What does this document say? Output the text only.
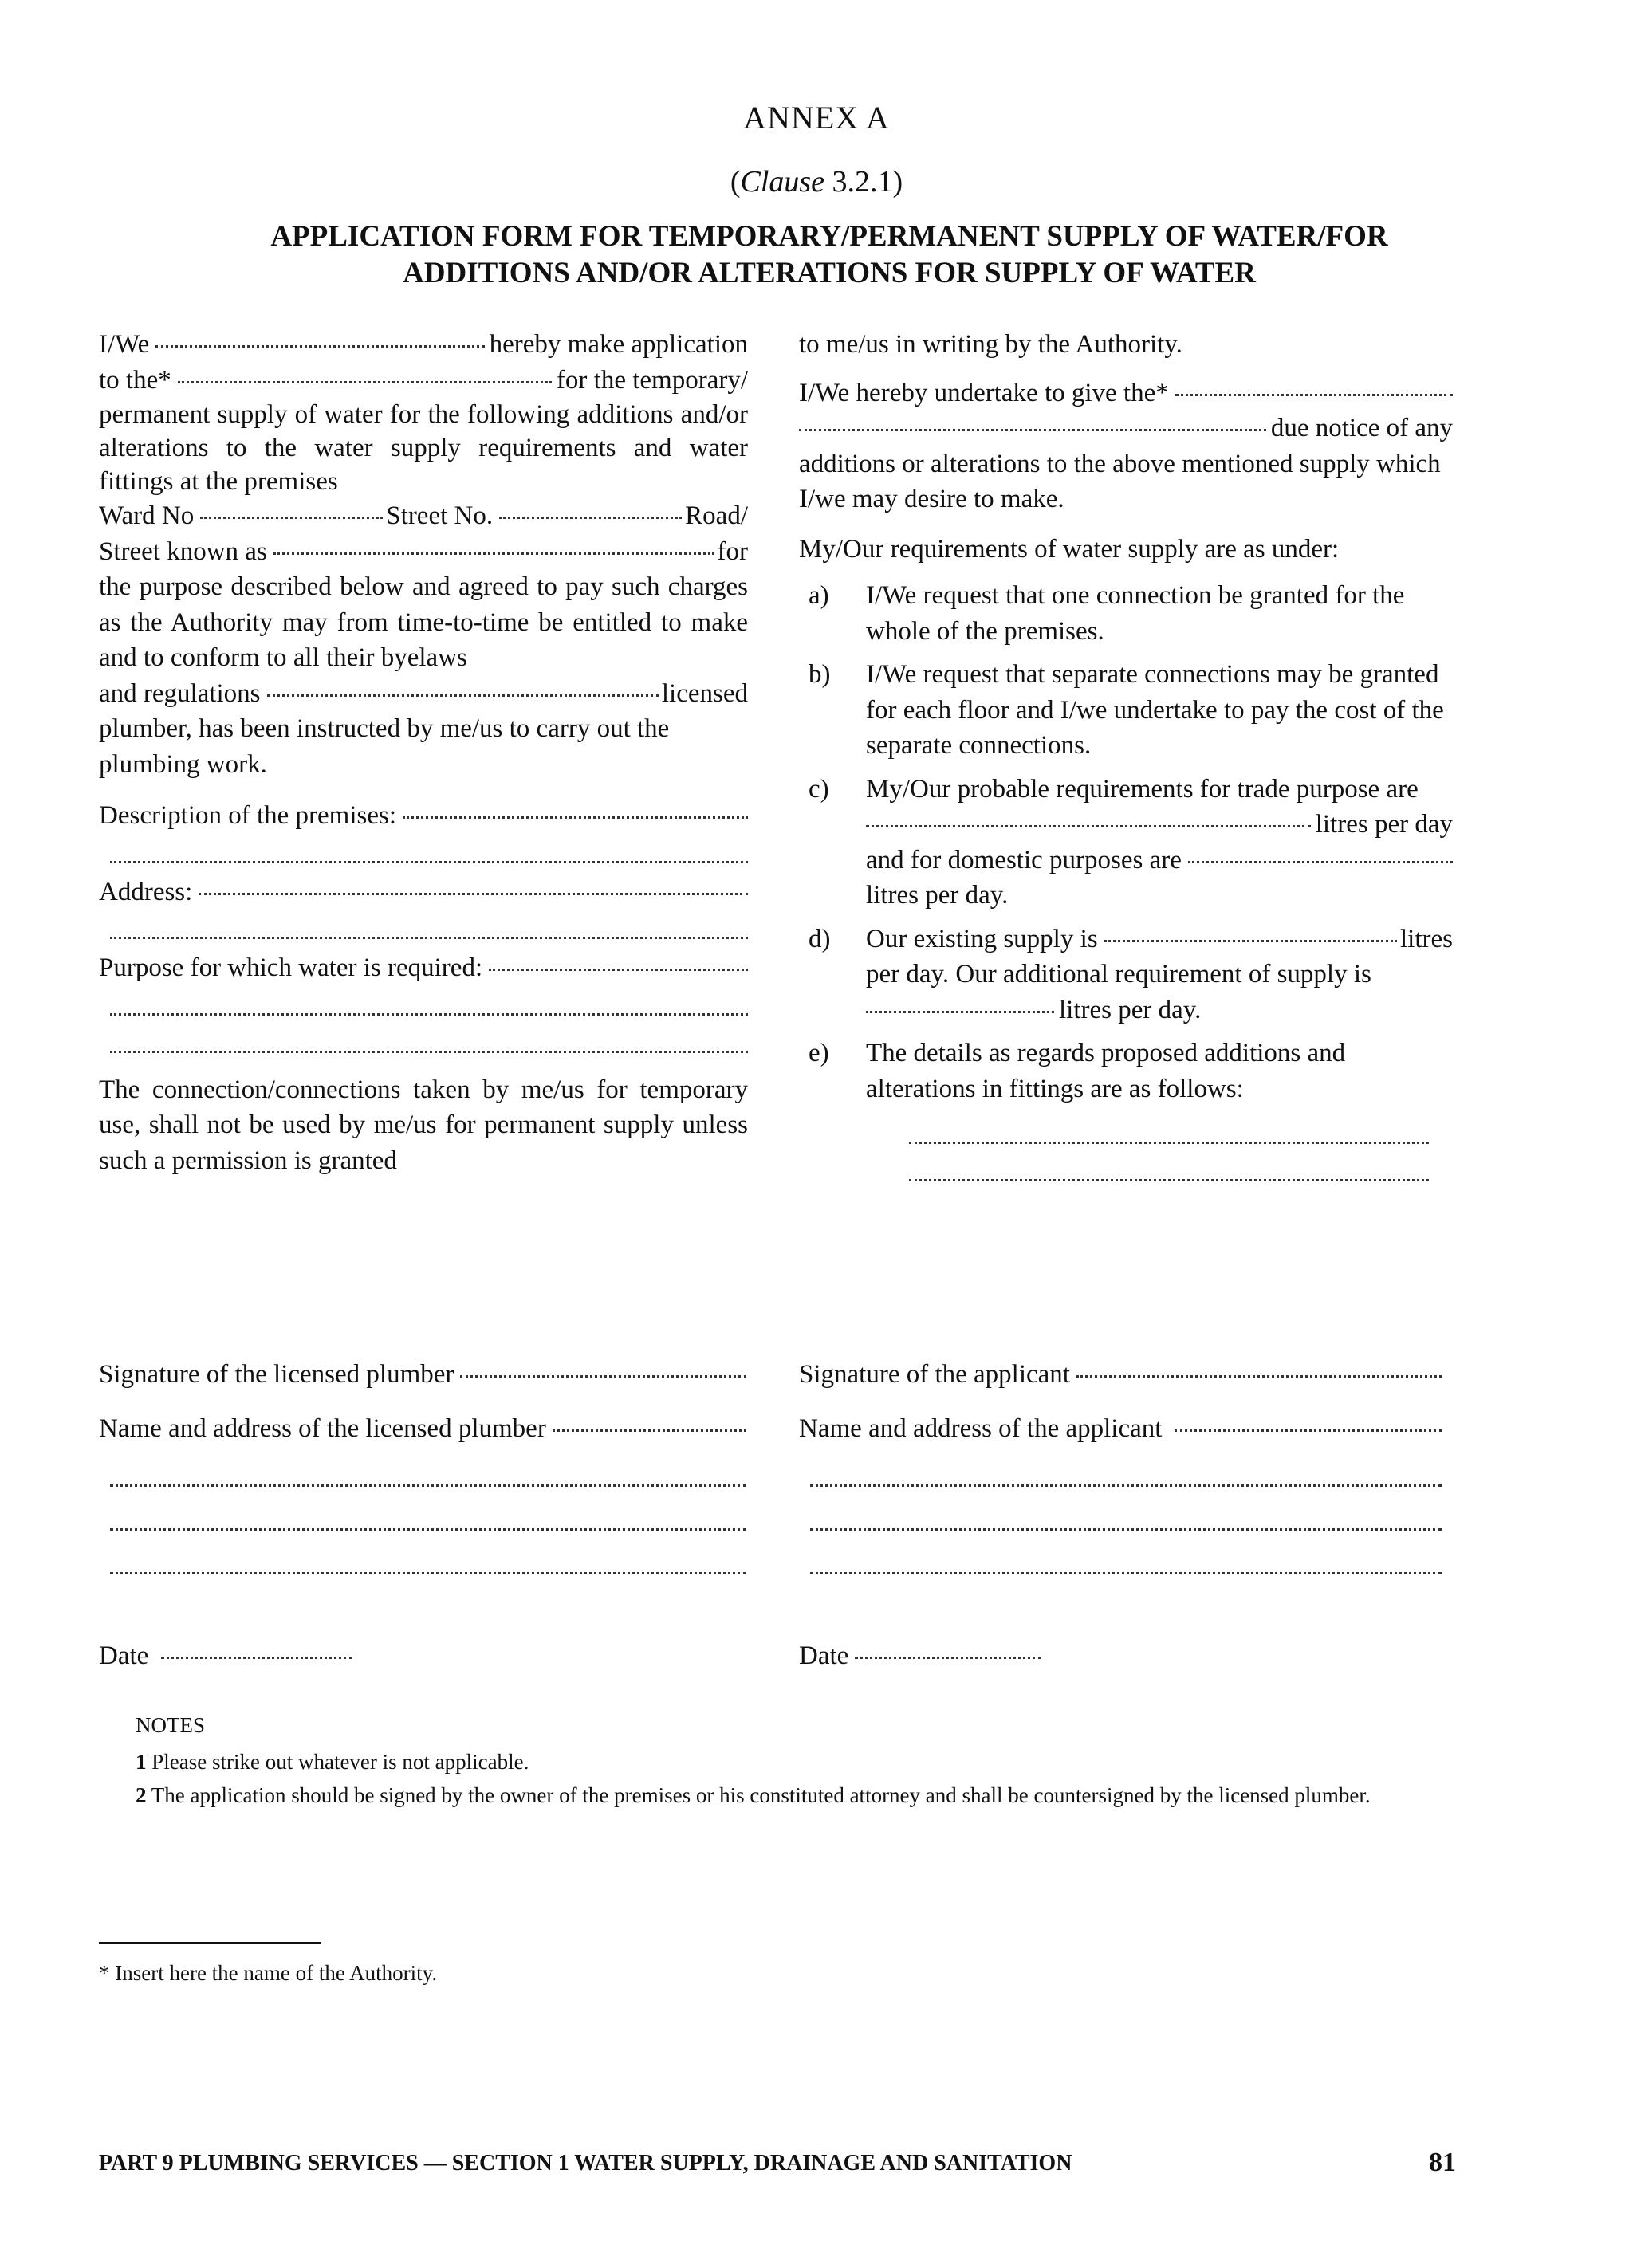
ANNEX A
(Clause 3.2.1)
APPLICATION FORM FOR TEMPORARY/PERMANENT SUPPLY OF WATER/FOR
ADDITIONS AND/OR ALTERATIONS FOR SUPPLY OF WATER
I/We	hereby make application
to the*	for the temporary/

permanent supply of water for the following additions and/or alterations to the water supply requirements and water fittings at the premises

Ward No	Street No.	Road/
Street known as	for

the purpose described below and agreed to pay such charges as the Authority may from time-to-time be entitled to make and to conform to all their byelaws

and regulations	licensed

plumber, has been instructed by me/us to carry out the plumbing work.

Description of the premises:
Address:
Purpose for which water is required:

The connection/connections taken by me/us for temporary use, shall not be used by me/us for permanent supply unless such a permission is granted

to me/us in writing by the Authority.

I/We hereby undertake to give the*
due notice of any

additions or alterations to the above mentioned supply which I/we may desire to make.

My/Our requirements of water supply are as under:

a)	I/We request that one connection be granted for the whole of the premises.
b)	I/We request that separate connections may be granted for each floor and I/we undertake to pay the cost of the separate connections.
c)	My/Our probable requirements for trade purpose are
litres per day
and for domestic purposes are
litres per day.
d)	Our existing supply is	litres
per day. Our additional requirement of supply is
litres per day.
e)	The details as regards proposed additions and alterations in fittings are as follows:
Signature of the licensed plumber
Name and address of the licensed plumber
Date
Signature of the applicant
Name and address of the applicant
Date
NOTES

1 Please strike out whatever is not applicable.

2 The application should be signed by the owner of the premises or his constituted attorney and shall be countersigned by the licensed plumber.

* Insert here the name of the Authority.
PART 9 PLUMBING SERVICES — SECTION 1 WATER SUPPLY, DRAINAGE AND SANITATION	81
